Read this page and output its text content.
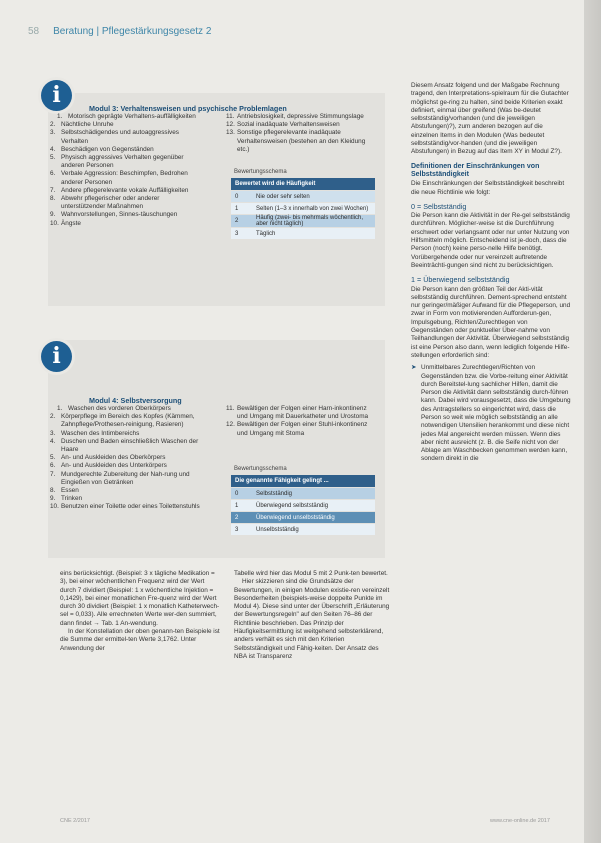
58 Beratung | Pflegestärkungsgesetz 2
i
Modul 3: Verhaltensweisen und psychische Problemlagen
1. Motorisch geprägte Verhaltens-auffälligkeiten
2. Nächtliche Unruhe
3. Selbstschädigendes und autoaggressives Verhalten
4. Beschädigen von Gegenständen
5. Physisch aggressives Verhalten gegenüber anderen Personen
6. Verbale Aggression: Beschimpfen, Bedrohen anderer Personen
7. Andere pflegerelevante vokale Auffälligkeiten
8. Abwehr pflegerischer oder anderer unterstützender Maßnahmen
9. Wahnvorstellungen, Sinnes-täuschungen
10. Ängste
11. Antriebslosigkeit, depressive Stimmungslage
12. Sozial inadäquate Verhaltensweisen
13. Sonstige pflegerelevante inadäquate Verhaltensweisen (bestehen an den Kleidung etc.)
Bewertungsschema
Bewertet wird die Häufigkeit
0	Nie oder sehr selten
1	Selten (1–3 x innerhalb von zwei Wochen)
2	Häufig (zwei- bis mehrmals wöchentlich, aber nicht täglich)
3	Täglich
i
Modul 4: Selbstversorgung
1. Waschen des vorderen Oberkörpers
2. Körperpflege im Bereich des Kopfes (Kämmen, Zahnpflege/Prothesen-reinigung, Rasieren)
3. Waschen des Intimbereichs
4. Duschen und Baden einschließlich Waschen der Haare
5. An- und Auskleiden des Oberkörpers
6. An- und Auskleiden des Unterkörpers
7. Mundgerechte Zubereitung der Nah-rung und Eingießen von Getränken
8. Essen
9. Trinken
10. Benutzen einer Toilette oder eines Toilettenstuhls
11. Bewältigen der Folgen einer Harn-inkontinenz und Umgang mit Dauerkatheter und Urostoma
12. Bewältigen der Folgen einer Stuhl-inkontinenz und Umgang mit Stoma
Bewertungsschema
Die genannte Fähigkeit gelingt ...
0	Selbstständig
1	Überwiegend selbstständig
2	Überwiegend unselbstständig
3	Unselbstständig

eins berücksichtigt. (Beispiel: 3 x tägliche Medikation = 3), bei einer wöchentlichen Frequenz wird der Wert durch 7 dividiert (Beispiel: 1 x wöchentliche Injektion = 0,1429), bei einer monatlichen Fre-quenz wird der Wert durch 30 dividiert (Beispiel: 1 x monatlich Katheterwech-sel = 0,033). Alle errechneten Werte wer-den summiert, dann findet → Tab. 1 An-wendung.

In der Konstellation der oben genann-ten Beispiele ist die Summe der ermittel-ten Werte 3,1762. Unter Anwendung der

Tabelle wird hier das Modul 5 mit 2 Punk-ten bewertet.

Hier skizzieren sind die Grundsätze der Bewertungen, in einigen Modulen existie-ren vereinzelt Besonderheiten (beispiels-weise doppelte Punkte im Modul 4). Diese sind unter der Überschrift „Erläuterung der Bewertungsregeln" auf den Seiten 76–86 der Richtlinie beschrieben. Das Prinzip der Häufigkeitsermittlung ist weitgehend selbsterklärend, anders verhält es sich mit den Kriterien Selbstständigkeit und Fähig-keiten. Der Ansatz des NBA ist Transparenz

Diesem Ansatz folgend und der Maßgabe Rechnung tragend, den Interpretations-spielraum für die Gutachter möglichst ge-ring zu halten, sind beide Kriterien exakt definiert, einmal über greifend (Was be-deutet selbstständig/vorhanden (und die jeweiligen Abstufungen)?), zum anderen bezogen auf die einzelnen Items in den Modulen (Was bedeutet selbstständig/vor-handen (und die jeweiligen Abstufungen) in Bezug auf das Item XY in Modul Z?).

Definitionen der Einschränkungen von Selbstständigkeit

Die Einschränkungen der Selbstständigkeit beschreibt die neue Richtlinie wie folgt:

0 = Selbstständig

Die Person kann die Aktivität in der Re-gel selbstständig durchführen. Möglicher-weise ist die Durchführung erschwert oder verlangsamt oder nur unter Nutzung von Hilfsmitteln möglich. Entscheidend ist je-doch, dass die Person (noch) keine perso-nelle Hilfe benötigt. Vorübergehende oder nur vereinzelt auftretende Beeinträchti-gungen sind nicht zu berücksichtigen.

1 = Überwiegend selbstständig

Die Person kann den größten Teil der Akti-vität selbstständig durchführen. Dement-sprechend entsteht nur geringer/mäßiger Aufwand für die Pflegeperson, und zwar in Form von motivierenden Aufforderun-gen, Impulsgebung, Richten/Zurechtlegen von Gegenständen oder punktueller Über-nahme von Teilhandlungen der Aktivität. Überwiegend selbstständig ist eine Person also dann, wenn lediglich folgende Hilfe-stellungen erforderlich sind:

➤ Unmittelbares Zurechtlegen/Richten von Gegenständen bzw. die Vorbe-reitung einer Aktivität durch Bereitstel-lung sachlicher Hilfen, damit die Person die Aktivität dann selbstständig durch-führen kann. Dabei wird vorausgesetzt, dass die Umgebung des Antragstellers so eingerichtet wird, dass die Person so weit wie möglich selbstständig an alle notwendigen Utensilien herankommt und diese nicht jedes Mal angereicht werden müssen. Wenn dies aber nicht ausreicht (z. B. die Seife nicht von der Ablage am Waschbecken genommen werden kann, sondern direkt in die
CNE 2/2017	www.cne-online.de 2017
